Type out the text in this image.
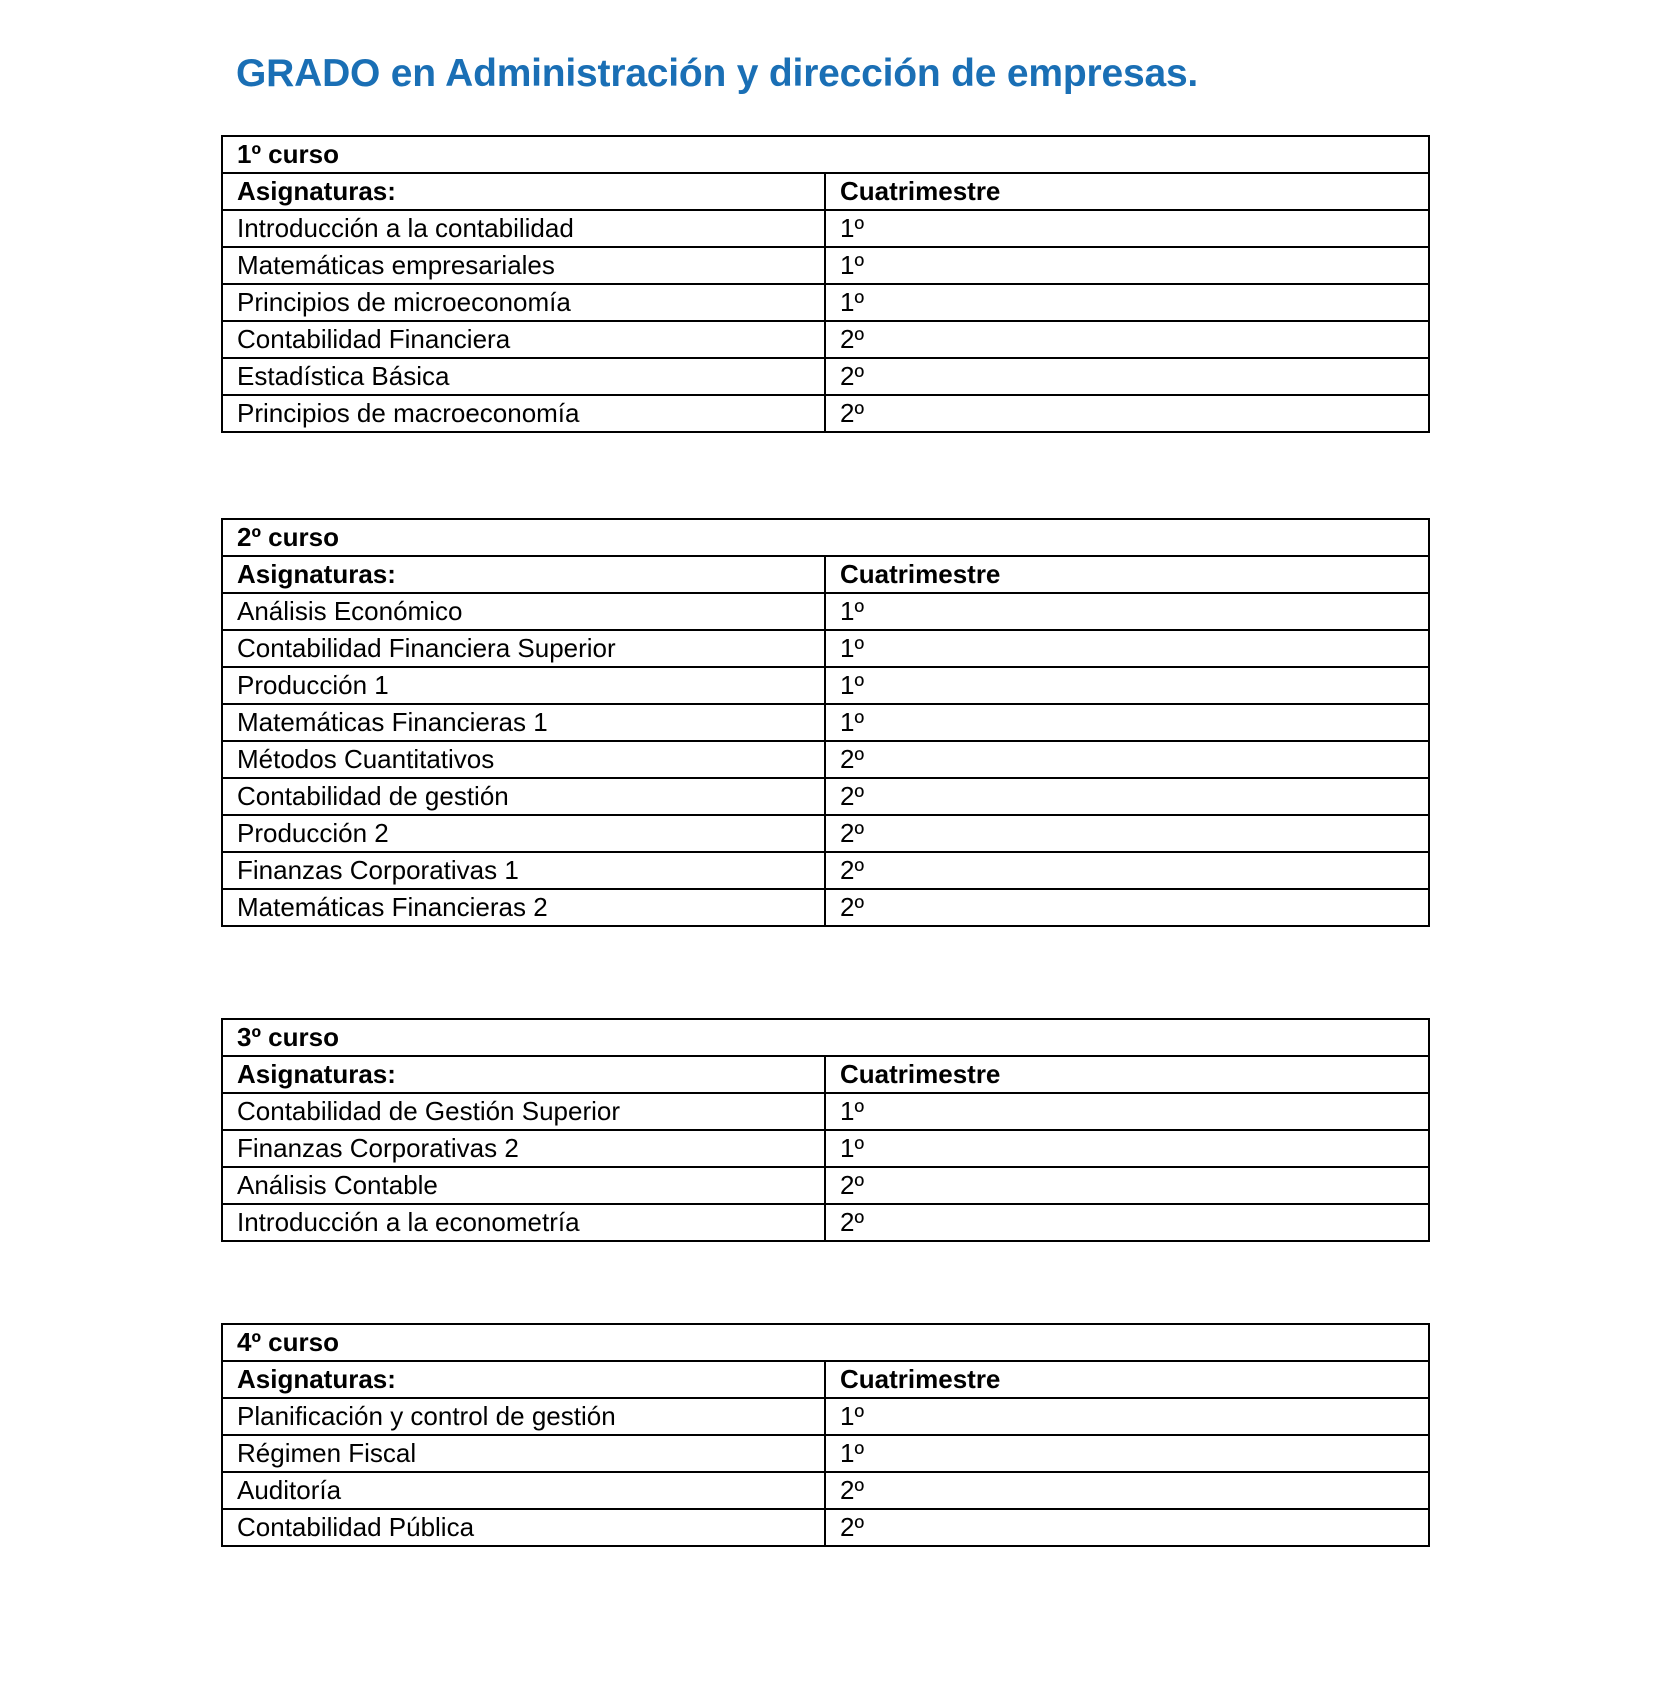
GRADO en Administración y dirección de empresas.
1º curso	
Asignaturas:	Cuatrimestre
Introducción a la contabilidad	1º
Matemáticas empresariales	1º
Principios de microeconomía	1º
Contabilidad Financiera	2º
Estadística Básica	2º
Principios de macroeconomía	2º
2º curso	
Asignaturas:	Cuatrimestre
Análisis Económico	1º
Contabilidad Financiera Superior	1º
Producción 1	1º
Matemáticas Financieras 1	1º
Métodos Cuantitativos	2º
Contabilidad de gestión	2º
Producción 2	2º
Finanzas Corporativas 1	2º
Matemáticas Financieras 2	2º
3º curso	
Asignaturas:	Cuatrimestre
Contabilidad de Gestión Superior	1º
Finanzas Corporativas 2	1º
Análisis Contable	2º
Introducción a la econometría	2º
4º curso	
Asignaturas:	Cuatrimestre
Planificación y control de gestión	1º
Régimen Fiscal	1º
Auditoría	2º
Contabilidad Pública	2º
